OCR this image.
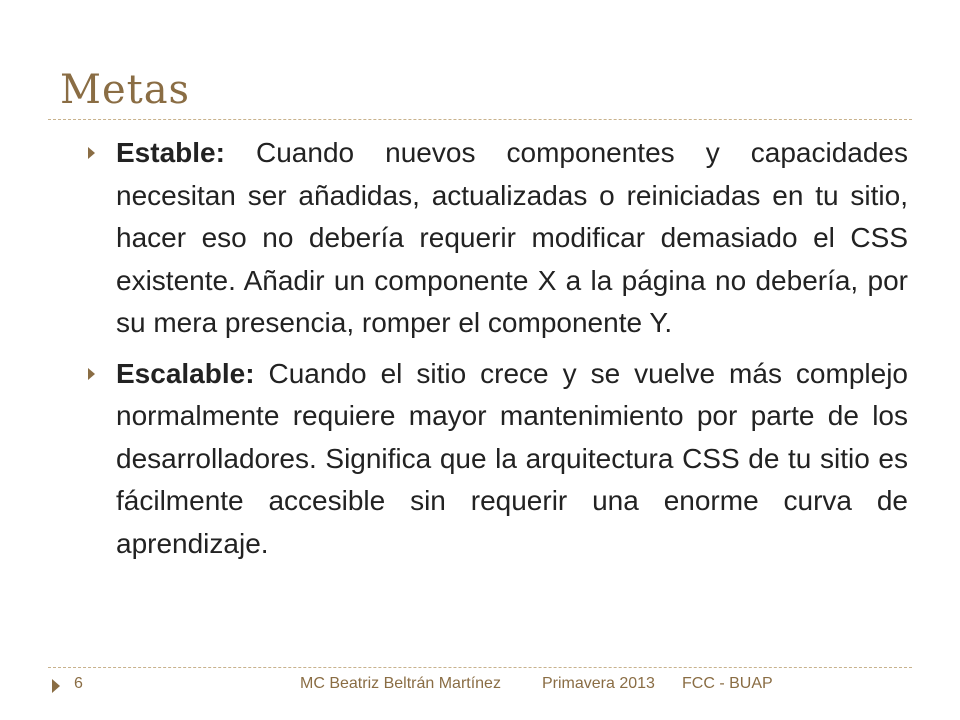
Metas
Estable: Cuando nuevos componentes y capacidades necesitan ser añadidas, actualizadas o reiniciadas en tu sitio, hacer eso no debería requerir modificar demasiado el CSS existente. Añadir un componente X a la página no debería, por su mera presencia, romper el componente Y.
Escalable: Cuando el sitio crece y se vuelve más complejo normalmente requiere mayor mantenimiento por parte de los desarrolladores. Significa que la arquitectura CSS de tu sitio es fácilmente accesible sin requerir una enorme curva de aprendizaje.
6	MC Beatriz Beltrán Martínez	Primavera 2013 FCC - BUAP
